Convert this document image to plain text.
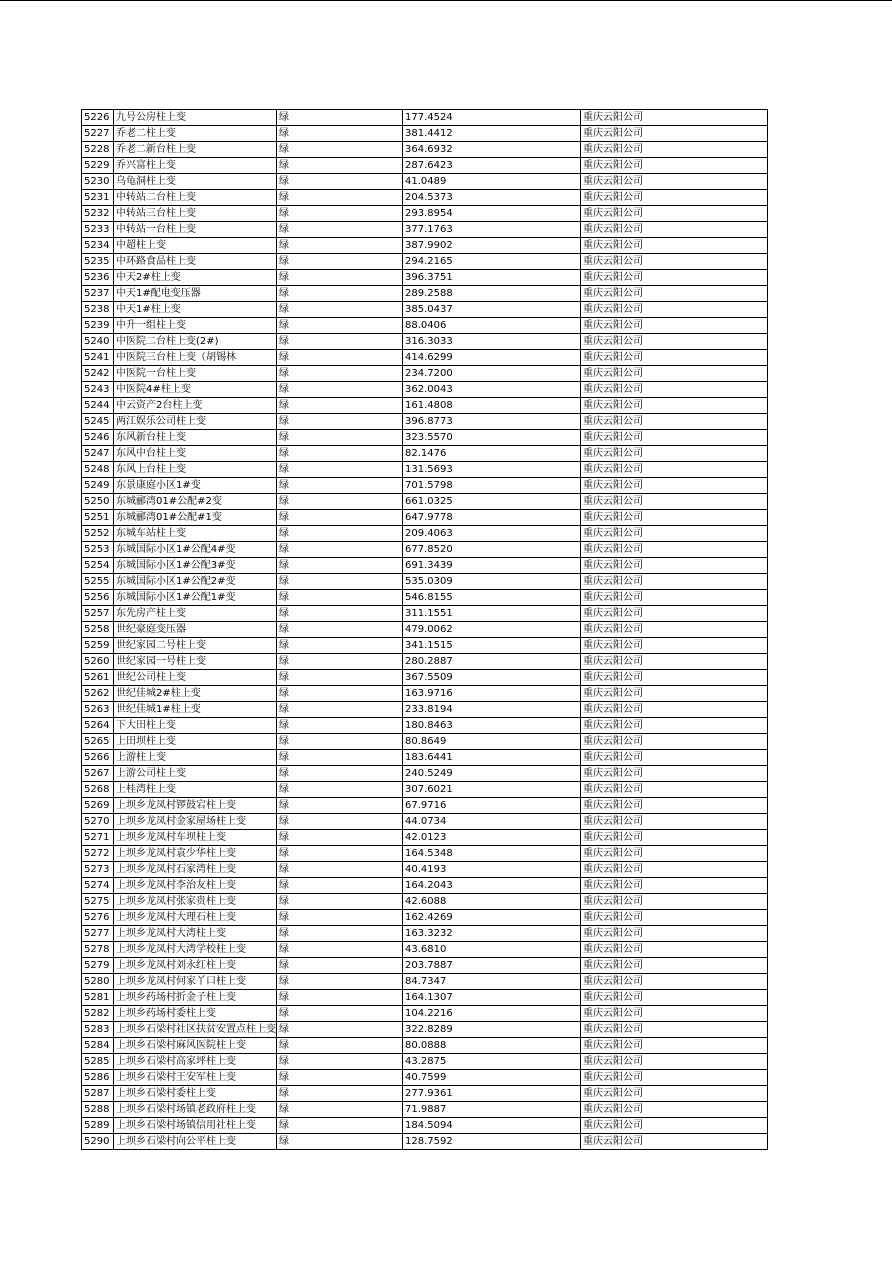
5226	九号公房柱上变	绿	177.4524	重庆云阳公司
5227	乔老二柱上变	绿	381.4412	重庆云阳公司
5228	乔老二新台柱上变	绿	364.6932	重庆云阳公司
5229	乔兴富柱上变	绿	287.6423	重庆云阳公司
5230	乌龟洞柱上变	绿	41.0489	重庆云阳公司
5231	中转站二台柱上变	绿	204.5373	重庆云阳公司
5232	中转站三台柱上变	绿	293.8954	重庆云阳公司
5233	中转站一台柱上变	绿	377.1763	重庆云阳公司
5234	中超柱上变	绿	387.9902	重庆云阳公司
5235	中环路食品柱上变	绿	294.2165	重庆云阳公司
5236	中天2#柱上变	绿	396.3751	重庆云阳公司
5237	中天1#配电变压器	绿	289.2588	重庆云阳公司
5238	中天1#柱上变	绿	385.0437	重庆云阳公司
5239	中升一组柱上变	绿	88.0406	重庆云阳公司
5240	中医院二台柱上变(2#)	绿	316.3033	重庆云阳公司
5241	中医院三台柱上变（胡锡林	绿	414.6299	重庆云阳公司
5242	中医院一台柱上变	绿	234.7200	重庆云阳公司
5243	中医院4#柱上变	绿	362.0043	重庆云阳公司
5244	中云资产2台柱上变	绿	161.4808	重庆云阳公司
5245	两江娱乐公司柱上变	绿	396.8773	重庆云阳公司
5246	东风新台柱上变	绿	323.5570	重庆云阳公司
5247	东风中台柱上变	绿	82.1476	重庆云阳公司
5248	东风上台柱上变	绿	131.5693	重庆云阳公司
5249	东景康庭小区1#变	绿	701.5798	重庆云阳公司
5250	东城郦湾01#公配#2变	绿	661.0325	重庆云阳公司
5251	东城郦湾01#公配#1变	绿	647.9778	重庆云阳公司
5252	东城车站柱上变	绿	209.4063	重庆云阳公司
5253	东城国际小区1#公配4#变	绿	677.8520	重庆云阳公司
5254	东城国际小区1#公配3#变	绿	691.3439	重庆云阳公司
5255	东城国际小区1#公配2#变	绿	535.0309	重庆云阳公司
5256	东城国际小区1#公配1#变	绿	546.8155	重庆云阳公司
5257	东先房产柱上变	绿	311.1551	重庆云阳公司
5258	世纪豪庭变压器	绿	479.0062	重庆云阳公司
5259	世纪家园二号柱上变	绿	341.1515	重庆云阳公司
5260	世纪家园一号柱上变	绿	280.2887	重庆云阳公司
5261	世纪公司柱上变	绿	367.5509	重庆云阳公司
5262	世纪佳城2#柱上变	绿	163.9716	重庆云阳公司
5263	世纪佳城1#柱上变	绿	233.8194	重庆云阳公司
5264	下大田柱上变	绿	180.8463	重庆云阳公司
5265	上田坝柱上变	绿	80.8649	重庆云阳公司
5266	上游柱上变	绿	183.6441	重庆云阳公司
5267	上游公司柱上变	绿	240.5249	重庆云阳公司
5268	上桂湾柱上变	绿	307.6021	重庆云阳公司
5269	上坝乡龙凤村锣鼓宕柱上变	绿	67.9716	重庆云阳公司
5270	上坝乡龙凤村金家屋场柱上变	绿	44.0734	重庆云阳公司
5271	上坝乡龙凤村车坝柱上变	绿	42.0123	重庆云阳公司
5272	上坝乡龙凤村袁少华柱上变	绿	164.5348	重庆云阳公司
5273	上坝乡龙凤村石家湾柱上变	绿	40.4193	重庆云阳公司
5274	上坝乡龙凤村李治友柱上变	绿	164.2043	重庆云阳公司
5275	上坝乡龙凤村张家贵柱上变	绿	42.6088	重庆云阳公司
5276	上坝乡龙凤村大理石柱上变	绿	162.4269	重庆云阳公司
5277	上坝乡龙凤村大湾柱上变	绿	163.3232	重庆云阳公司
5278	上坝乡龙凤村大湾学校柱上变	绿	43.6810	重庆云阳公司
5279	上坝乡龙凤村刘永红柱上变	绿	203.7887	重庆云阳公司
5280	上坝乡龙凤村何家丫口柱上变	绿	84.7347	重庆云阳公司
5281	上坝乡药场村折金子柱上变	绿	164.1307	重庆云阳公司
5282	上坝乡药场村委柱上变	绿	104.2216	重庆云阳公司
5283	上坝乡石梁村社区扶贫安置点柱上变	绿	322.8289	重庆云阳公司
5284	上坝乡石梁村麻风医院柱上变	绿	80.0888	重庆云阳公司
5285	上坝乡石梁村高家坪柱上变	绿	43.2875	重庆云阳公司
5286	上坝乡石梁村王安军柱上变	绿	40.7599	重庆云阳公司
5287	上坝乡石梁村委柱上变	绿	277.9361	重庆云阳公司
5288	上坝乡石梁村场镇老政府柱上变	绿	71.9887	重庆云阳公司
5289	上坝乡石梁村场镇信用社柱上变	绿	184.5094	重庆云阳公司
5290	上坝乡石梁村向公平柱上变	绿	128.7592	重庆云阳公司
